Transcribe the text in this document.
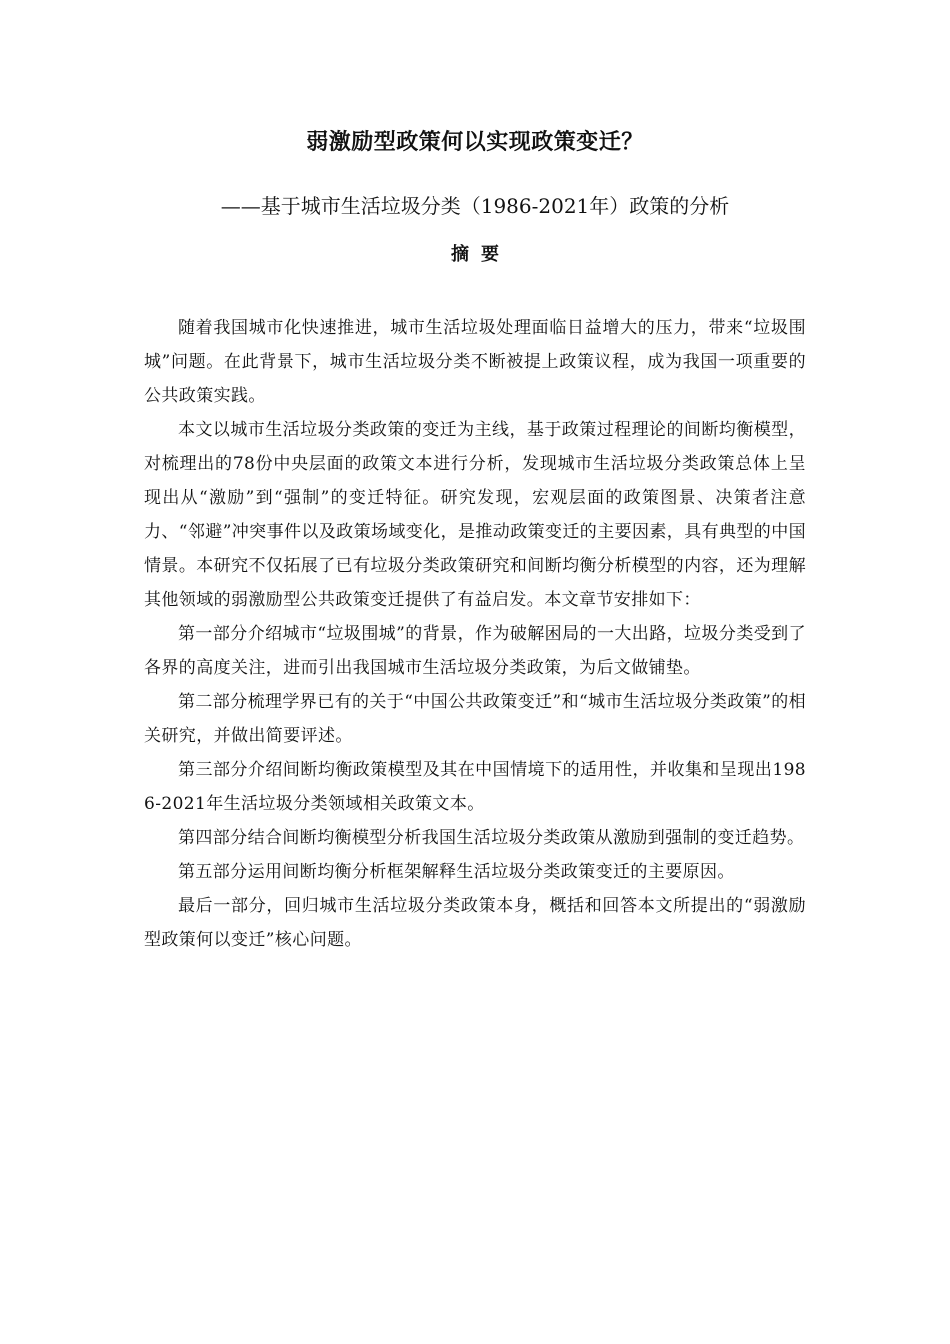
弱激励型政策何以实现政策变迁？
——基于城市生活垃圾分类（1986-2021年）政策的分析
摘要

随着我国城市化快速推进，城市生活垃圾处理面临日益增大的压力，带来“垃圾围城”问题。在此背景下，城市生活垃圾分类不断被提上政策议程，成为我国一项重要的公共政策实践。

本文以城市生活垃圾分类政策的变迁为主线，基于政策过程理论的间断均衡模型，对梳理出的78份中央层面的政策文本进行分析，发现城市生活垃圾分类政策总体上呈现出从“激励”到“强制”的变迁特征。研究发现，宏观层面的政策图景、决策者注意力、“邻避”冲突事件以及政策场域变化，是推动政策变迁的主要因素，具有典型的中国情景。本研究不仅拓展了已有垃圾分类政策研究和间断均衡分析模型的内容，还为理解其他领域的弱激励型公共政策变迁提供了有益启发。本文章节安排如下：

第一部分介绍城市“垃圾围城”的背景，作为破解困局的一大出路，垃圾分类受到了各界的高度关注，进而引出我国城市生活垃圾分类政策，为后文做铺垫。

第二部分梳理学界已有的关于“中国公共政策变迁”和“城市生活垃圾分类政策”的相关研究，并做出简要评述。

第三部分介绍间断均衡政策模型及其在中国情境下的适用性，并收集和呈现出1986-2021年生活垃圾分类领域相关政策文本。

第四部分结合间断均衡模型分析我国生活垃圾分类政策从激励到强制的变迁趋势。

第五部分运用间断均衡分析框架解释生活垃圾分类政策变迁的主要原因。

最后一部分，回归城市生活垃圾分类政策本身，概括和回答本文所提出的“弱激励型政策何以变迁”核心问题。
